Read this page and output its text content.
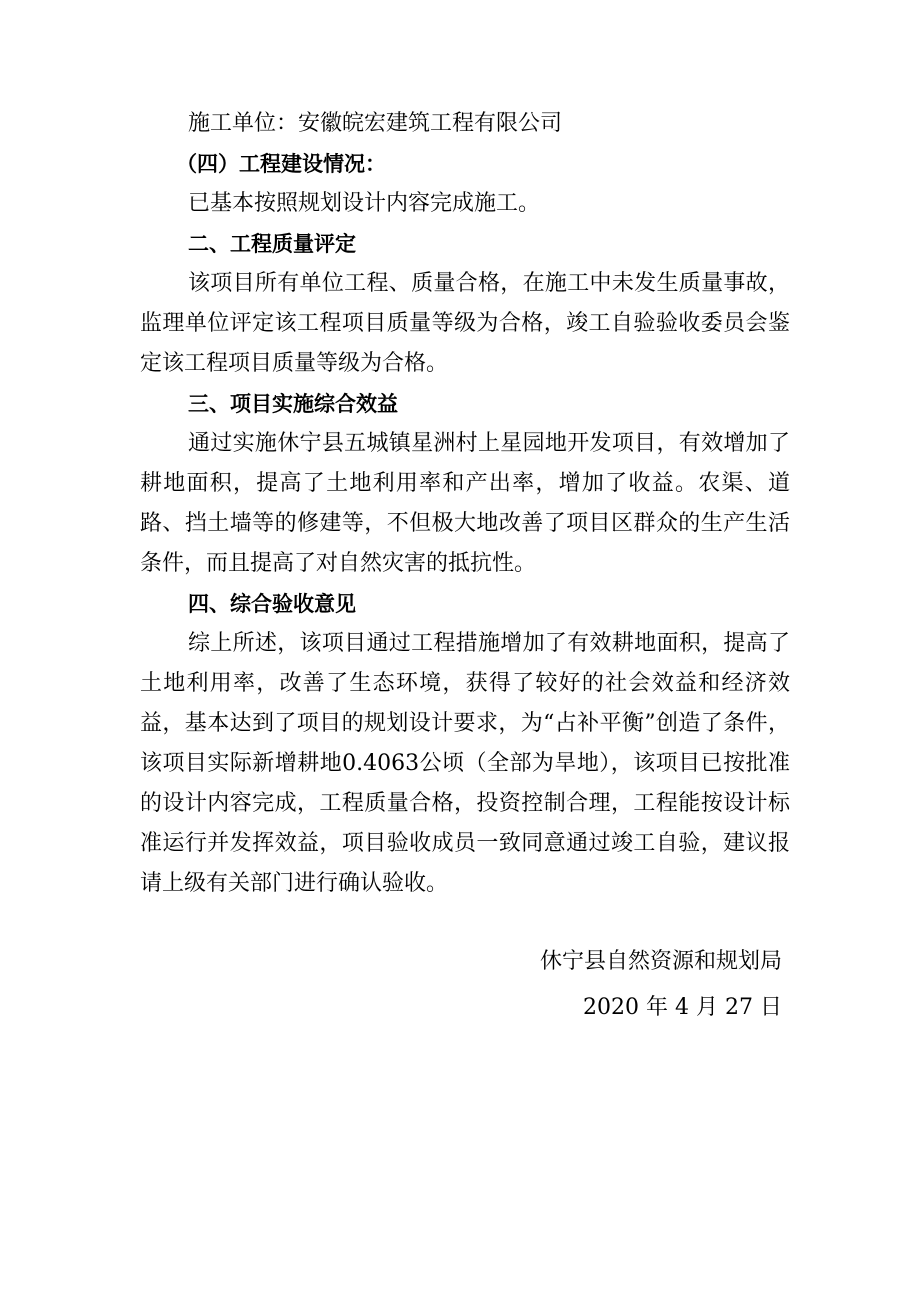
施工单位：安徽皖宏建筑工程有限公司
（四）工程建设情况：
已基本按照规划设计内容完成施工。
二、工程质量评定

该项目所有单位工程、质量合格，在施工中未发生质量事故，监理单位评定该工程项目质量等级为合格，竣工自验验收委员会鉴定该工程项目质量等级为合格。

三、项目实施综合效益

通过实施休宁县五城镇星洲村上星园地开发项目，有效增加了耕地面积，提高了土地利用率和产出率，增加了收益。农渠、道路、挡土墙等的修建等，不但极大地改善了项目区群众的生产生活条件，而且提高了对自然灾害的抵抗性。

四、综合验收意见

综上所述，该项目通过工程措施增加了有效耕地面积，提高了土地利用率，改善了生态环境，获得了较好的社会效益和经济效益，基本达到了项目的规划设计要求，为“占补平衡”创造了条件，该项目实际新增耕地0.4063公顷（全部为旱地），该项目已按批准的设计内容完成，工程质量合格，投资控制合理，工程能按设计标准运行并发挥效益，项目验收成员一致同意通过竣工自验，建议报请上级有关部门进行确认验收。

休宁县自然资源和规划局
2020 年 4 月 27 日
